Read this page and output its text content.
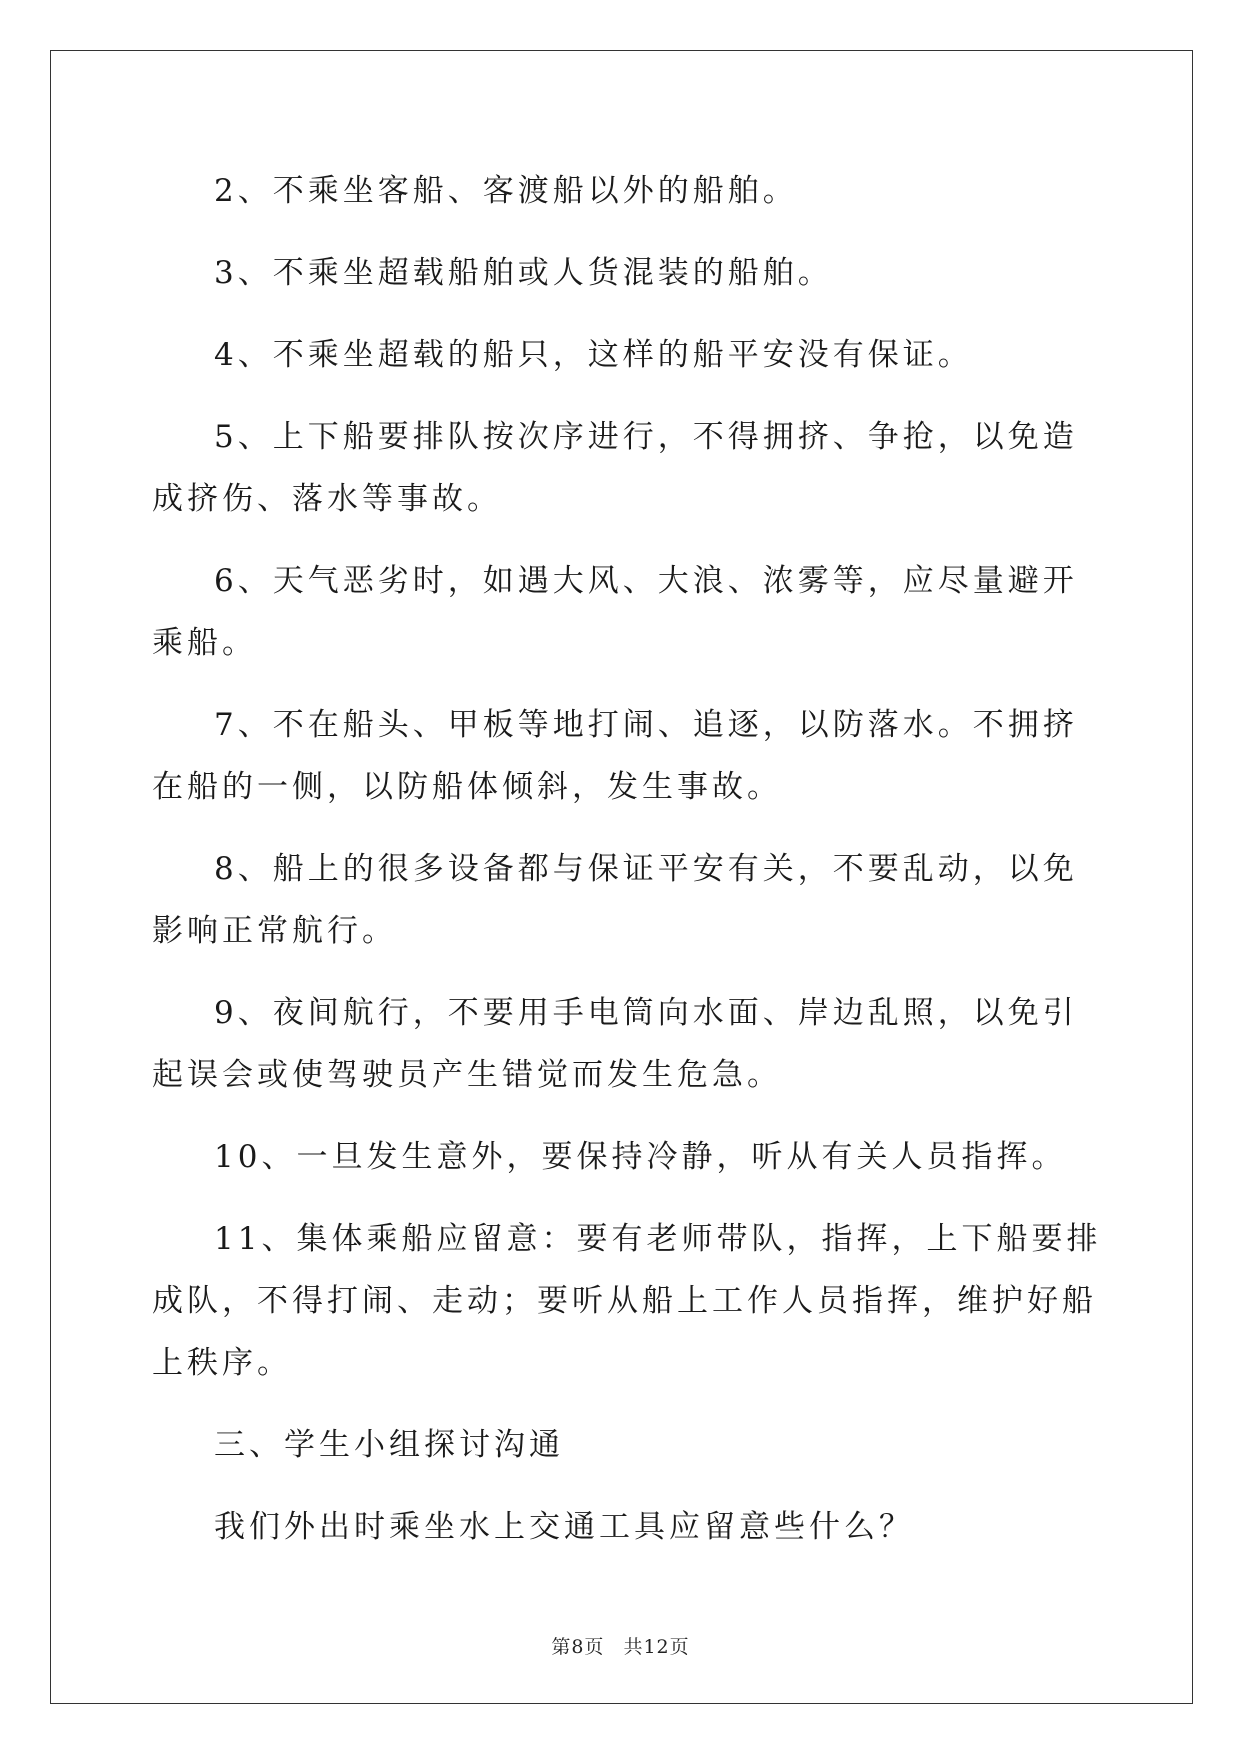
2、不乘坐客船、客渡船以外的船舶。

3、不乘坐超载船舶或人货混装的船舶。

4、不乘坐超载的船只，这样的船平安没有保证。

5、上下船要排队按次序进行，不得拥挤、争抢，以免造成挤伤、落水等事故。

6、天气恶劣时，如遇大风、大浪、浓雾等，应尽量避开乘船。

7、不在船头、甲板等地打闹、追逐，以防落水。不拥挤在船的一侧，以防船体倾斜，发生事故。

8、船上的很多设备都与保证平安有关，不要乱动，以免影响正常航行。

9、夜间航行，不要用手电筒向水面、岸边乱照，以免引起误会或使驾驶员产生错觉而发生危急。

10、一旦发生意外，要保持冷静，听从有关人员指挥。

11、集体乘船应留意：要有老师带队，指挥，上下船要排成队，不得打闹、走动；要听从船上工作人员指挥，维护好船上秩序。

三、学生小组探讨沟通

我们外出时乘坐水上交通工具应留意些什么？

第8页 共12页
